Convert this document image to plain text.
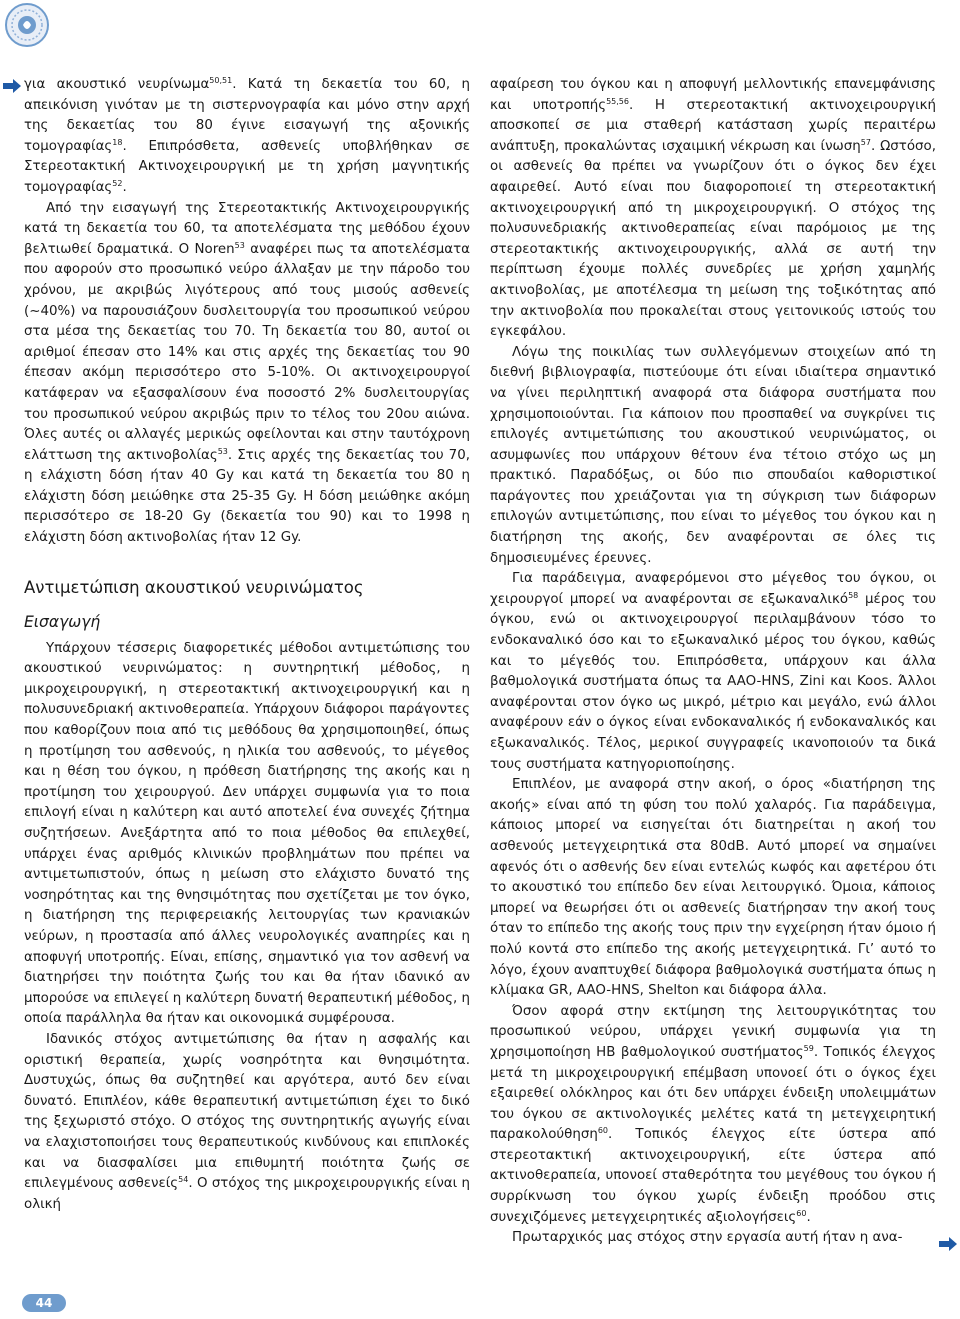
για ακουστικό νευρίνωμα$^{50,51}$. Κατά τη δεκαετία του 60, η απεικόνιση γινόταν με τη σιστερνογραφία και μόνο στην αρχή της δεκαετίας του 80 έγινε εισαγωγή της αξονικής τομογραφίας$^{18}$. Επιπρόσθετα, ασθενείς υποβλήθηκαν σε Στερεοτακτική Ακτινοχειρουργική με τη χρήση μαγνητικής τομογραφίας$^{52}$.

Από την εισαγωγή της Στερεοτακτικής Ακτινοχειρουργικής κατά τη δεκαετία του 60, τα αποτελέσματα της μεθόδου έχουν βελτιωθεί δραματικά. Ο Noren$^{53}$ αναφέρει πως τα αποτελέσματα που αφορούν στο προσωπικό νεύρο άλλαξαν με την πάροδο του χρόνου, με ακριβώς λιγότερους από τους μισούς ασθενείς (~40%) να παρουσιάζουν δυσλειτουργία του προσωπικού νεύρου στα μέσα της δεκαετίας του 70. Τη δεκαετία του 80, αυτοί οι αριθμοί έπεσαν στο 14% και στις αρχές της δεκαετίας του 90 έπεσαν ακόμη περισσότερο στο 5-10%. Οι ακτινοχειρουργοί κατάφεραν να εξασφαλίσουν ένα ποσοστό 2% δυσλειτουργίας του προσωπικού νεύρου ακριβώς πριν το τέλος του 20ου αιώνα. Όλες αυτές οι αλλαγές μερικώς οφείλονται και στην ταυτόχρονη ελάττωση της ακτινοβολίας$^{53}$. Στις αρχές της δεκαετίας του 70, η ελάχιστη δόση ήταν 40 Gy και κατά τη δεκαετία του 80 η ελάχιστη δόση μειώθηκε στα 25-35 Gy. Η δόση μειώθηκε ακόμη περισσότερο σε 18-20 Gy (δεκαετία του 90) και το 1998 η ελάχιστη δόση ακτινοβολίας ήταν 12 Gy.

Αντιμετώπιση ακουστικού νευρινώματος
Εισαγωγή

Υπάρχουν τέσσερις διαφορετικές μέθοδοι αντιμετώπισης του ακουστικού νευρινώματος: η συντηρητική μέθοδος, η μικροχειρουργική, η στερεοτακτική ακτινοχειρουργική και η πολυσυνεδριακή ακτινοθεραπεία. Υπάρχουν διάφοροι παράγοντες που καθορίζουν ποια από τις μεθόδους θα χρησιμοποιηθεί, όπως η προτίμηση του ασθενούς, η ηλικία του ασθενούς, το μέγεθος και η θέση του όγκου, η πρόθεση διατήρησης της ακοής και η προτίμηση του χειρουργού. Δεν υπάρχει συμφωνία για το ποια επιλογή είναι η καλύτερη και αυτό αποτελεί ένα συνεχές ζήτημα συζητήσεων. Ανεξάρτητα από το ποια μέθοδος θα επιλεχθεί, υπάρχει ένας αριθμός κλινικών προβλημάτων που πρέπει να αντιμετωπιστούν, όπως η μείωση στο ελάχιστο δυνατό της νοσηρότητας και της θνησιμότητας που σχετίζεται με τον όγκο, η διατήρηση της περιφερειακής λειτουργίας των κρανιακών νεύρων, η προστασία από άλλες νευρολογικές αναπηρίες και η αποφυγή υποτροπής. Είναι, επίσης, σημαντικό για τον ασθενή να διατηρήσει την ποιότητα ζωής του και θα ήταν ιδανικό αν μπορούσε να επιλεγεί η καλύτερη δυνατή θεραπευτική μέθοδος, η οποία παράλληλα θα ήταν και οικονομικά συμφέρουσα.

Ιδανικός στόχος αντιμετώπισης θα ήταν η ασφαλής και οριστική θεραπεία, χωρίς νοσηρότητα και θνησιμότητα. Δυστυχώς, όπως θα συζητηθεί και αργότερα, αυτό δεν είναι δυνατό. Επιπλέον, κάθε θεραπευτική αντιμετώπιση έχει το δικό της ξεχωριστό στόχο. Ο στόχος της συντηρητικής αγωγής είναι να ελαχιστοποιήσει τους θεραπευτικούς κινδύνους και επιπλοκές και να διασφαλίσει μια επιθυμητή ποιότητα ζωής σε επιλεγμένους ασθενείς$^{54}$. Ο στόχος της μικροχειρουργικής είναι η ολική

αφαίρεση του όγκου και η αποφυγή μελλοντικής επανεμφάνισης και υποτροπής$^{55,56}$. Η στερεοτακτική ακτινοχειρουργική αποσκοπεί σε μια σταθερή κατάσταση χωρίς περαιτέρω ανάπτυξη, προκαλώντας ισχαιμική νέκρωση και ίνωση$^{57}$. Ωστόσο, οι ασθενείς θα πρέπει να γνωρίζουν ότι ο όγκος δεν έχει αφαιρεθεί. Αυτό είναι που διαφοροποιεί τη στερεοτακτική ακτινοχειρουργική από τη μικροχειρουργική. Ο στόχος της πολυσυνεδριακής ακτινοθεραπείας είναι παρόμοιος με της στερεοτακτικής ακτινοχειρουργικής, αλλά σε αυτή την περίπτωση έχουμε πολλές συνεδρίες με χρήση χαμηλής ακτινοβολίας, με αποτέλεσμα τη μείωση της τοξικότητας από την ακτινοβολία που προκαλείται στους γειτονικούς ιστούς του εγκεφάλου.

Λόγω της ποικιλίας των συλλεγόμενων στοιχείων από τη διεθνή βιβλιογραφία, πιστεύουμε ότι είναι ιδιαίτερα σημαντικό να γίνει περιληπτική αναφορά στα διάφορα συστήματα που χρησιμοποιούνται. Για κάποιον που προσπαθεί να συγκρίνει τις επιλογές αντιμετώπισης του ακουστικού νευρινώματος, οι ασυμφωνίες που υπάρχουν θέτουν ένα τέτοιο στόχο ως μη πρακτικό. Παραδόξως, οι δύο πιο σπουδαίοι καθοριστικοί παράγοντες που χρειάζονται για τη σύγκριση των διάφορων επιλογών αντιμετώπισης, που είναι το μέγεθος του όγκου και η διατήρηση της ακοής, δεν αναφέρονται σε όλες τις δημοσιευμένες έρευνες.

Για παράδειγμα, αναφερόμενοι στο μέγεθος του όγκου, οι χειρουργοί μπορεί να αναφέρονται σε εξωκαναλικό$^{58}$ μέρος του όγκου, ενώ οι ακτινοχειρουργοί περιλαμβάνουν τόσο το ενδοκαναλικό όσο και το εξωκαναλικό μέρος του όγκου, καθώς και το μέγεθός του. Επιπρόσθετα, υπάρχουν και άλλα βαθμολογικά συστήματα όπως τα AAO-HNS, Zini και Koos. Άλλοι αναφέρονται στον όγκο ως μικρό, μέτριο και μεγάλο, ενώ άλλοι αναφέρουν εάν ο όγκος είναι ενδοκαναλικός ή ενδοκαναλικός και εξωκαναλικός. Τέλος, μερικοί συγγραφείς ικανοποιούν τα δικά τους συστήματα κατηγοριοποίησης.

Επιπλέον, με αναφορά στην ακοή, ο όρος «διατήρηση της ακοής» είναι από τη φύση του πολύ χαλαρός. Για παράδειγμα, κάποιος μπορεί να εισηγείται ότι διατηρείται η ακοή του ασθενούς μετεγχειρητικά στα 80dB. Αυτό μπορεί να σημαίνει αφενός ότι ο ασθενής δεν είναι εντελώς κωφός και αφετέρου ότι το ακουστικό του επίπεδο δεν είναι λειτουργικό. Όμοια, κάποιος μπορεί να θεωρήσει ότι οι ασθενείς διατήρησαν την ακοή τους όταν το επίπεδο της ακοής τους πριν την εγχείρηση ήταν όμοιο ή πολύ κοντά στο επίπεδο της ακοής μετεγχειρητικά. Γι’ αυτό το λόγο, έχουν αναπτυχθεί διάφορα βαθμολογικά συστήματα όπως η κλίμακα GR, AAO-HNS, Shelton και διάφορα άλλα.

Όσον αφορά στην εκτίμηση της λειτουργικότητας του προσωπικού νεύρου, υπάρχει γενική συμφωνία για τη χρησιμοποίηση HB βαθμολογικού συστήματος$^{59}$. Τοπικός έλεγχος μετά τη μικροχειρουργική επέμβαση υπονοεί ότι ο όγκος έχει εξαιρεθεί ολόκληρος και ότι δεν υπάρχει ένδειξη υπολειμμάτων του όγκου σε ακτινολογικές μελέτες κατά τη μετεγχειρητική παρακολούθηση$^{60}$. Τοπικός έλεγχος είτε ύστερα από στερεοτακτική ακτινοχειρουργική, είτε ύστερα από ακτινοθεραπεία, υπονοεί σταθερότητα του μεγέθους του όγκου ή συρρίκνωση του όγκου χωρίς ένδειξη προόδου στις συνεχιζόμενες μετεγχειρητικές αξιολογήσεις$^{60}$.

Πρωταρχικός μας στόχος στην εργασία αυτή ήταν η ανα-

44
